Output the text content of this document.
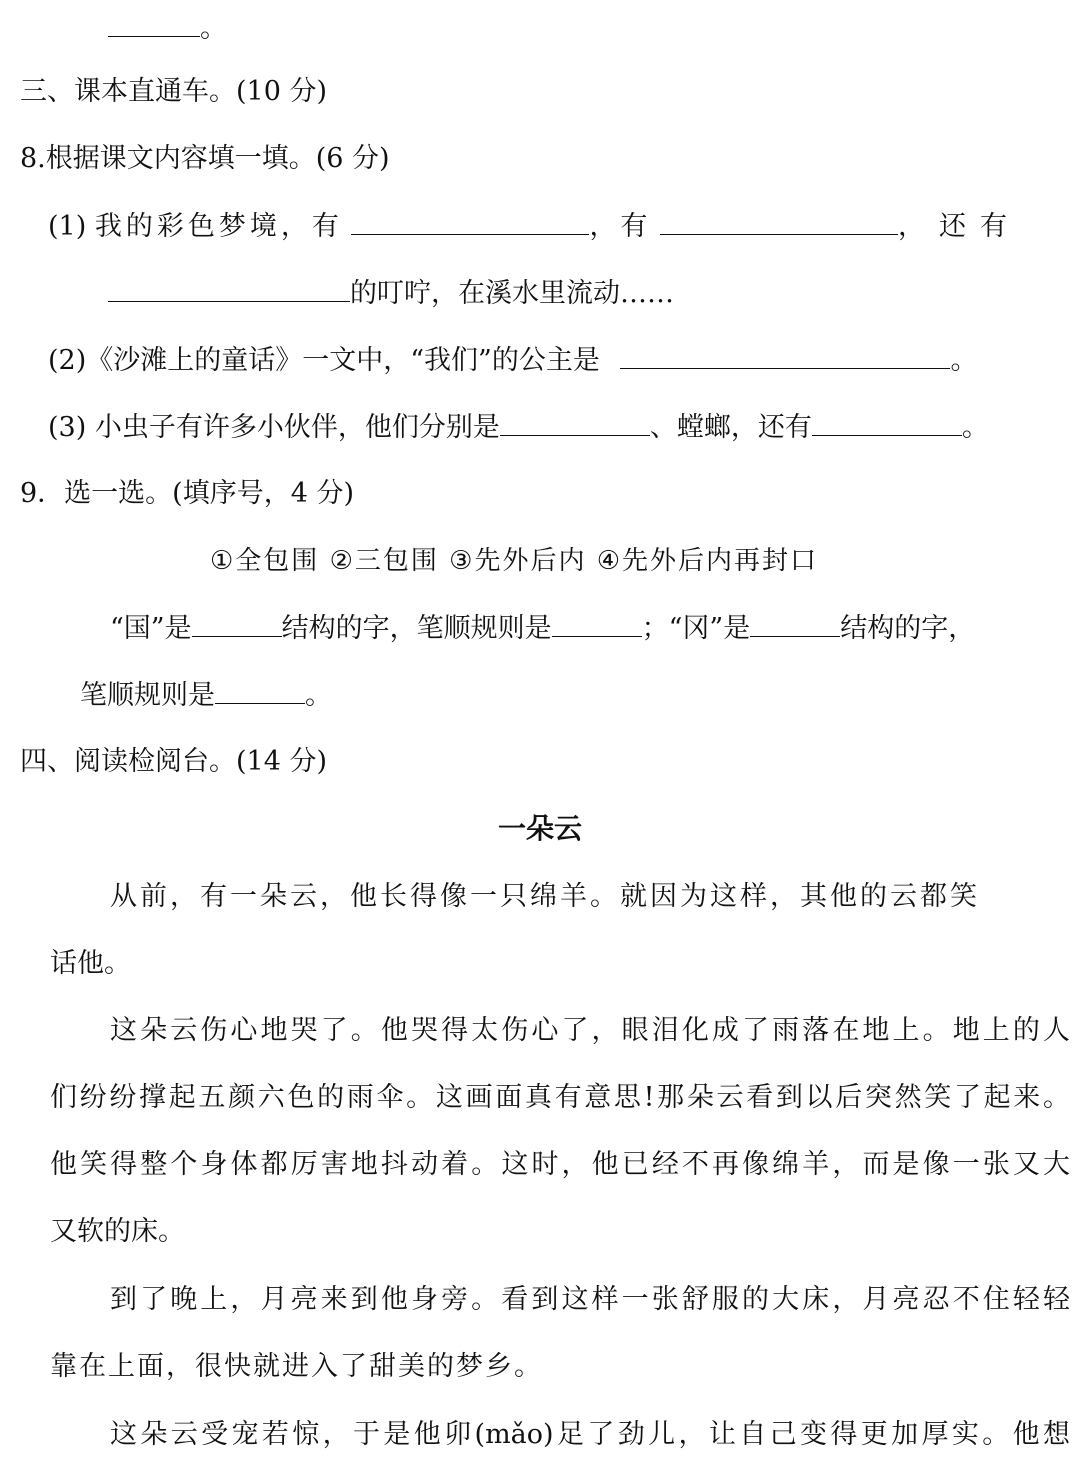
。
三、课本直通车。(10 分)
8.根据课文内容填一填。(6 分)
(1) 我的彩色梦境，有	，有	，还有
的叮咛，在溪水里流动……
(2)《沙滩上的童话》一文中，“我们”的公主是	。
(3) 小虫子有许多小伙伴，他们分别是	、螳螂，还有	。
9．选一选。(填序号，4 分)
①全包围 ②三包围 ③先外后内 ④先外后内再封口
“国”是	结构的字，笔顺规则是	；“冈”是	结构的字，
笔顺规则是	。
四、阅读检阅台。(14 分)
一朵云
从前，有一朵云，他长得像一只绵羊。就因为这样，其他的云都笑
话他。
这朵云伤心地哭了。他哭得太伤心了，眼泪化成了雨落在地上。地上的人
们纷纷撑起五颜六色的雨伞。这画面真有意思!那朵云看到以后突然笑了起来。
他笑得整个身体都厉害地抖动着。这时，他已经不再像绵羊，而是像一张又大
又软的床。
到了晚上，月亮来到他身旁。看到这样一张舒服的大床，月亮忍不住轻轻
靠在上面，很快就进入了甜美的梦乡。
这朵云受宠若惊，于是他卯(mǎo)足了劲儿，让自己变得更加厚实。他想
